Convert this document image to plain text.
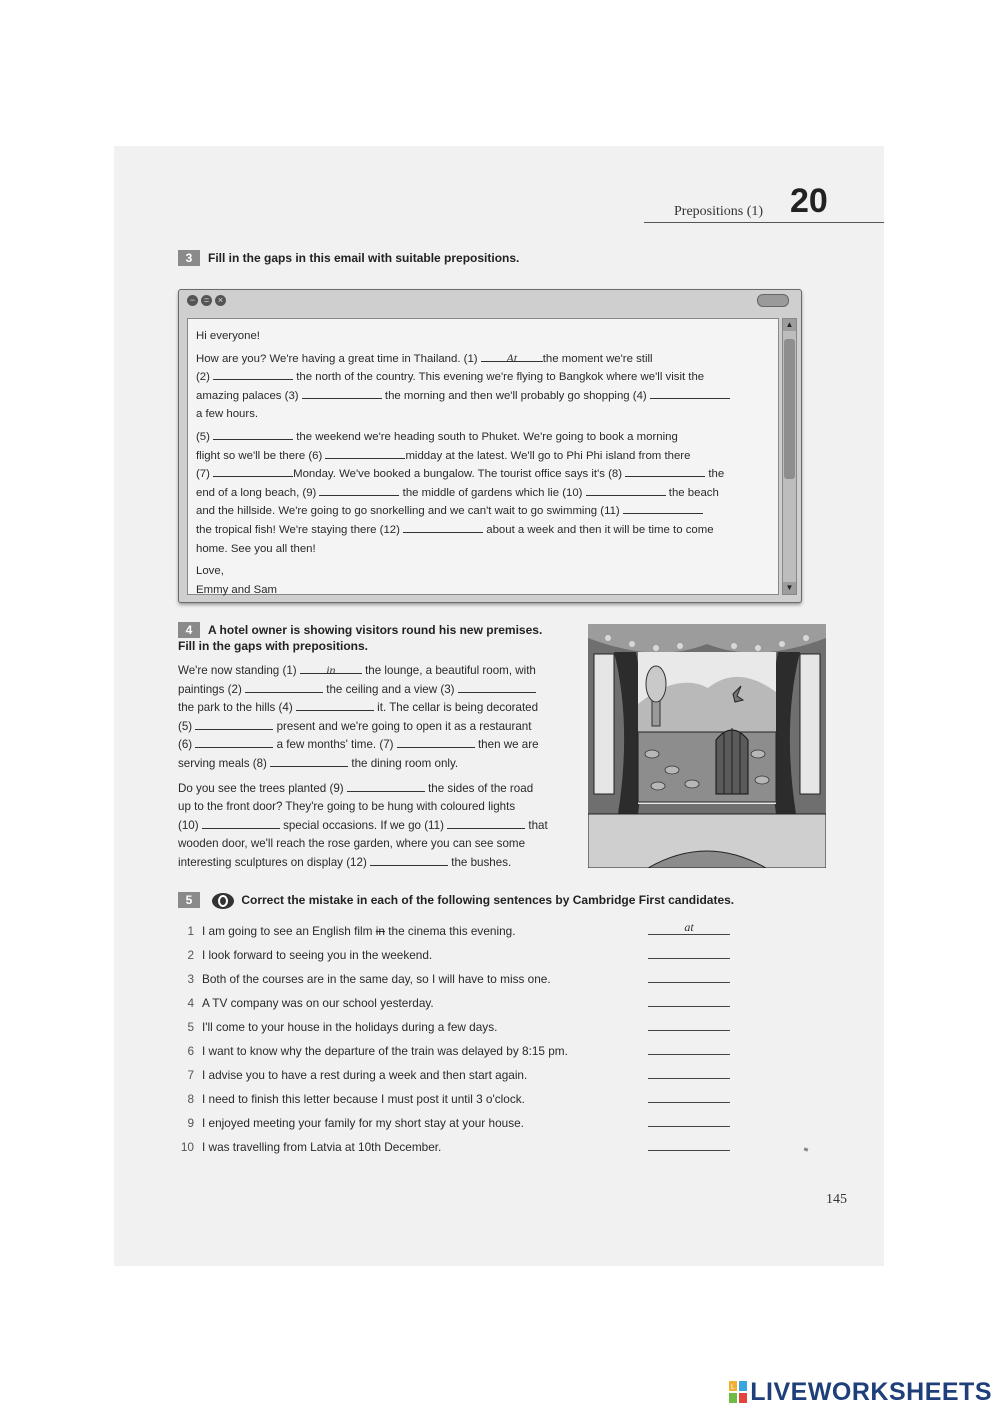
Prepositions (1) 20
3 Fill in the gaps in this email with suitable prepositions.
− = ×

Hi everyone!

How are you? We're having a great time in Thailand. (1) At the moment we're still
(2)	the north of the country. This evening we're flying to Bangkok where we'll visit the
amazing palaces (3)	the morning and then we'll probably go shopping (4)
a few hours.

(5)	the weekend we're heading south to Phuket. We're going to book a morning
flight so we'll be there (6)	midday at the latest. We'll go to Phi Phi island from there
(7)	Monday. We've booked a bungalow. The tourist office says it's (8)	the
end of a long beach, (9)	the middle of gardens which lie (10)	the beach
and the hillside. We're going to go snorkelling and we can't wait to go swimming (11)
the tropical fish! We're staying there (12)	about a week and then it will be time to come
home. See you all then!

Love,

Emmy and Sam

▲
▼
4 A hotel owner is showing visitors round his new premises.
Fill in the gaps with prepositions.

We're now standing (1) in the lounge, a beautiful room, with
paintings (2)	the ceiling and a view (3)
the park to the hills (4)	it. The cellar is being decorated
(5)	present and we're going to open it as a restaurant
(6)	a few months' time. (7)	then we are
serving meals (8)	the dining room only.

Do you see the trees planted (9)	the sides of the road
up to the front door? They're going to be hung with coloured lights
(10)	special occasions. If we go (11)	that
wooden door, we'll reach the rose garden, where you can see some
interesting sculptures on display (12)	the bushes.

5	Correct the mistake in each of the following sentences by Cambridge First candidates.
1 I am going to see an English film in the cinema this evening.	at
2 I look forward to seeing you in the weekend.
3 Both of the courses are in the same day, so I will have to miss one.
4 A TV company was on our school yesterday.
5 I'll come to your house in the holidays during a few days.
6 I want to know why the departure of the train was delayed by 8:15 pm.
7 I advise you to have a rest during a week and then start again.
8 I need to finish this letter because I must post it until 3 o'clock.
9 I enjoyed meeting your family for my short stay at your house.
10 I was travelling from Latvia at 10th December.
145
L LIVEWORKSHEETS
